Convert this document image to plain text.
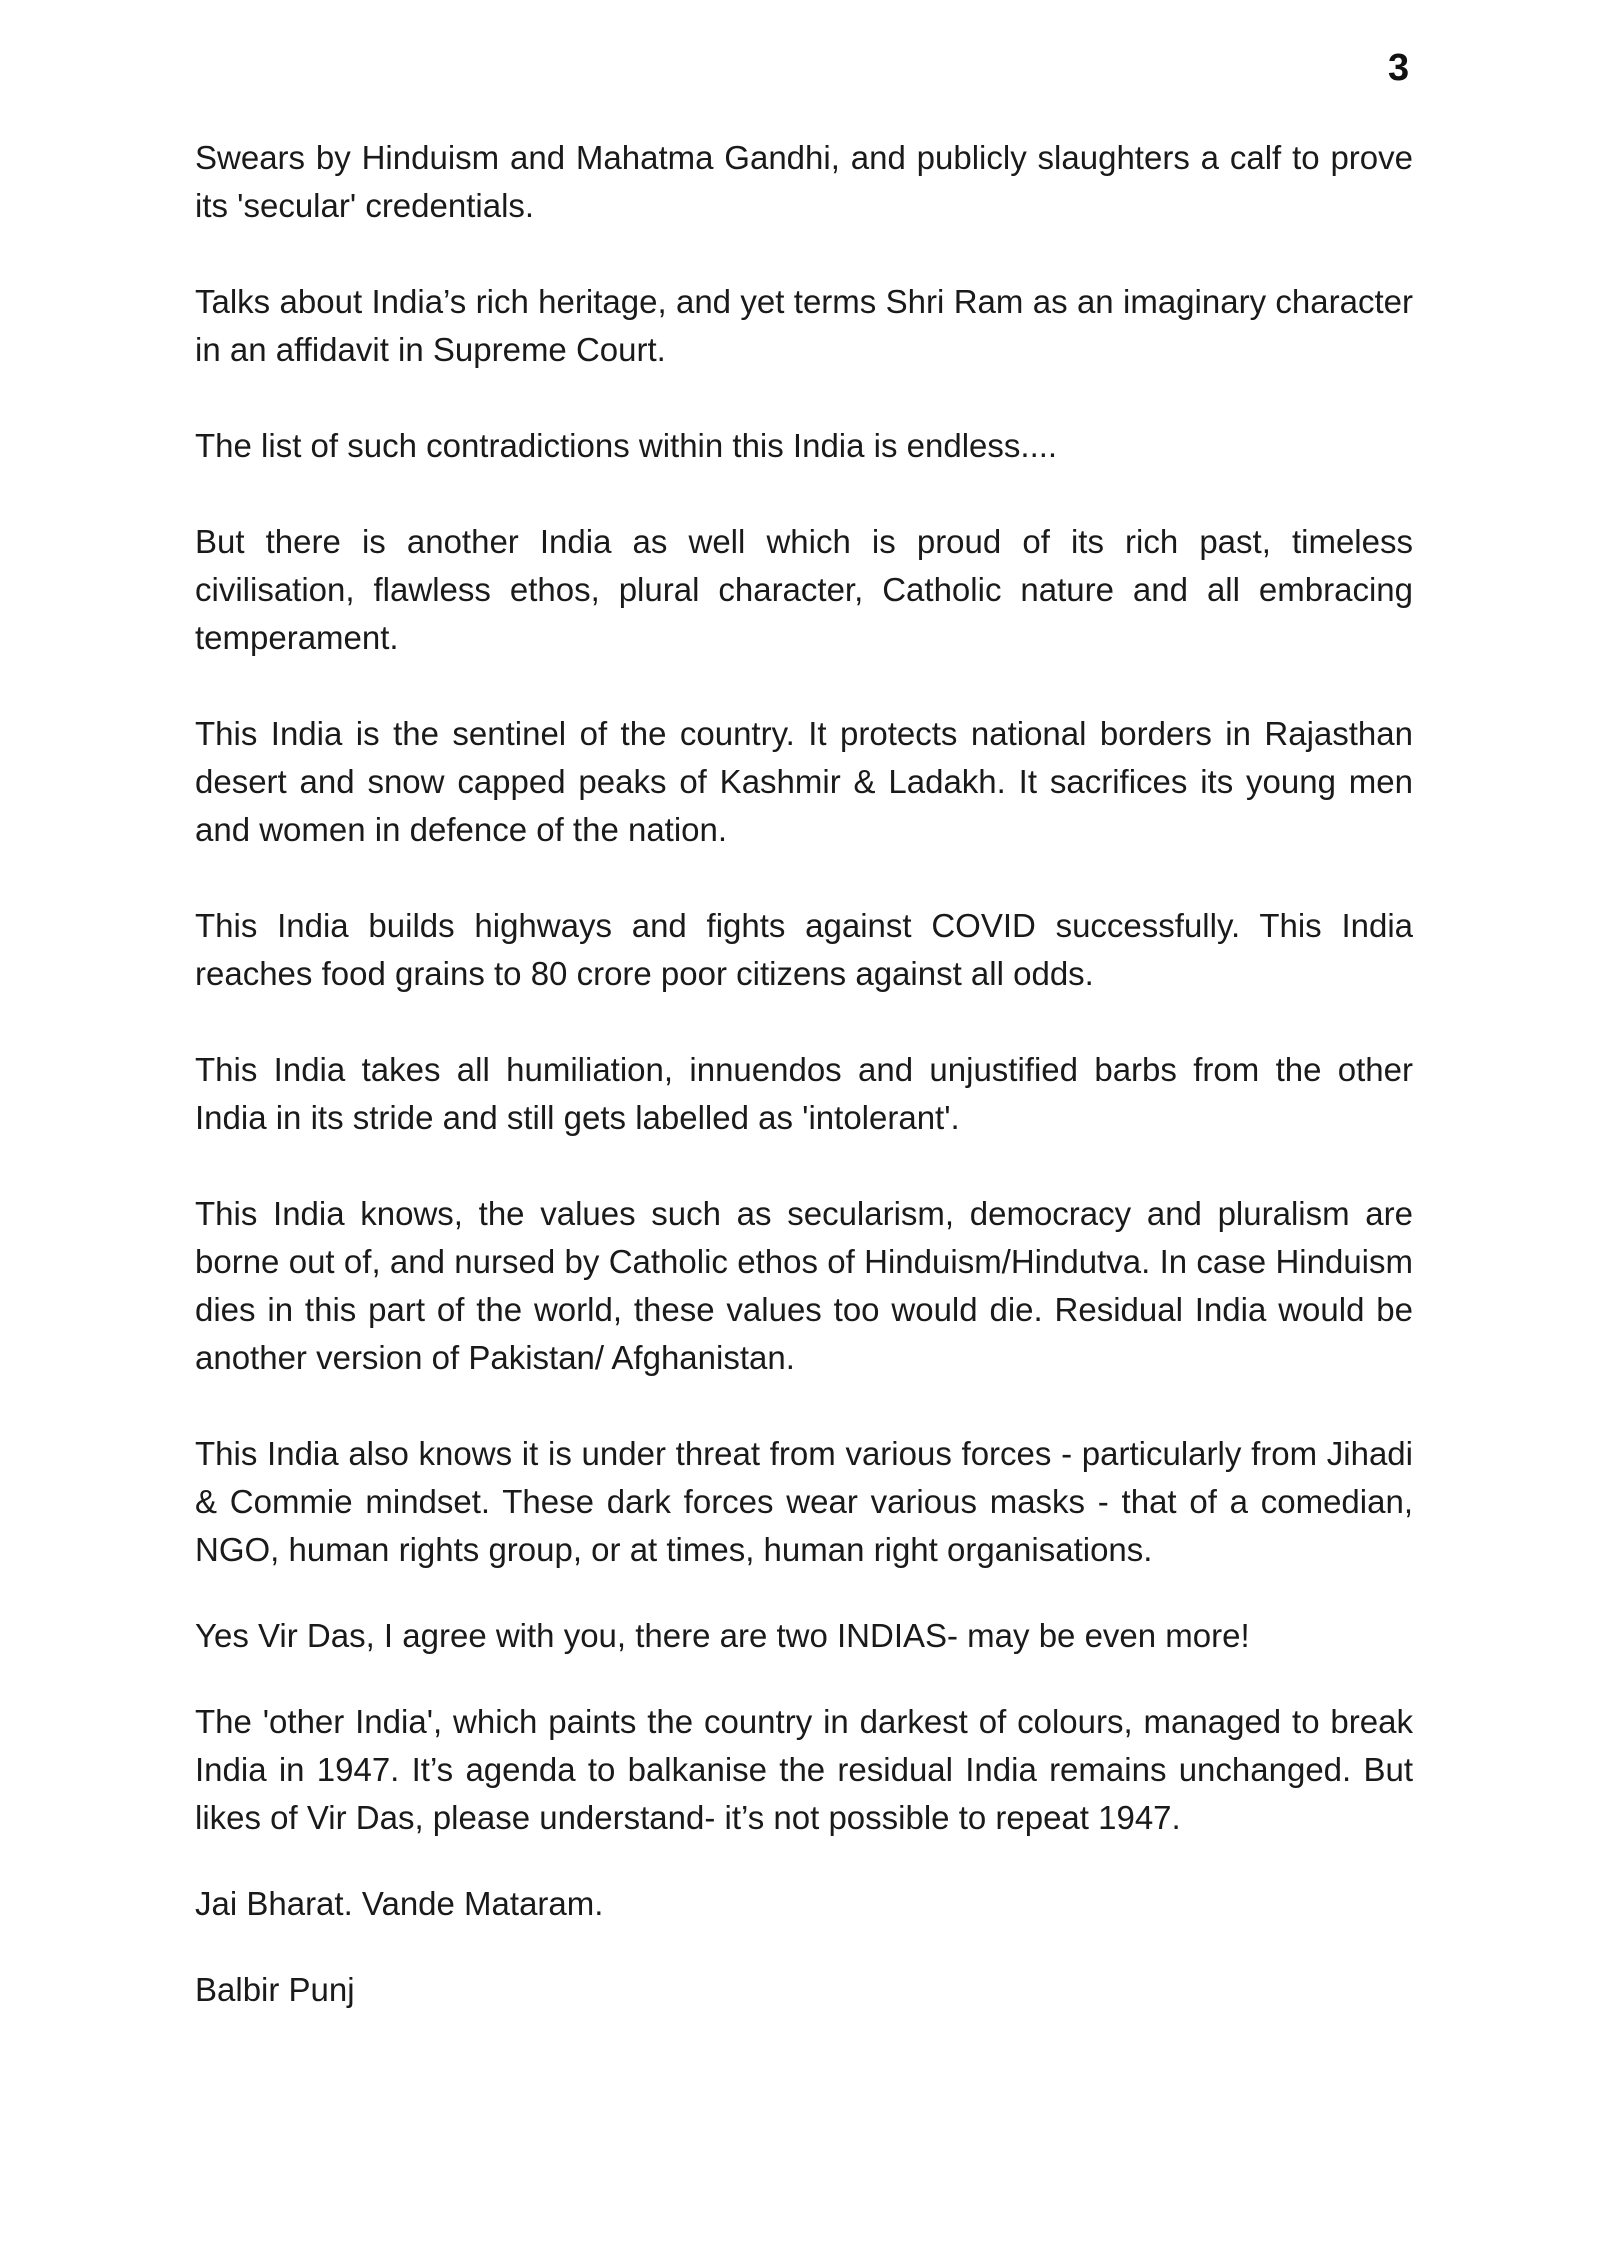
3

Swears by Hinduism and Mahatma Gandhi, and publicly slaughters a calf to prove its 'secular' credentials.

Talks about India’s rich heritage, and yet terms Shri Ram as an imaginary character in an affidavit in Supreme Court.

The list of such contradictions within this India is endless....

But there is another India as well which is proud of its rich past, timeless civilisation, flawless ethos, plural character, Catholic nature and all embracing temperament.

This India is the sentinel of the country. It protects national borders in Rajasthan desert and snow capped peaks of Kashmir & Ladakh. It sacrifices its young men and women in defence of the nation.

This India builds highways and fights against COVID successfully. This India reaches food grains to 80 crore poor citizens against all odds.

This India takes all humiliation, innuendos and unjustified barbs from the other India in its stride and still gets labelled as 'intolerant'.

This India knows, the values such as secularism, democracy and pluralism are borne out of, and nursed by Catholic ethos of Hinduism/Hindutva. In case Hinduism dies in this part of the world, these values too would die. Residual India would be another version of Pakistan/ Afghanistan.

This India also knows it is under threat from various forces - particularly from Jihadi & Commie mindset. These dark forces wear various masks - that of a comedian, NGO, human rights group, or at times, human right organisations.

Yes Vir Das, I agree with you, there are two INDIAS- may be even more!

The 'other India', which paints the country in darkest of colours, managed to break India in 1947. It’s agenda to balkanise the residual India remains unchanged. But likes of Vir Das, please understand- it’s not possible to repeat 1947.

Jai Bharat. Vande Mataram.

Balbir Punj
